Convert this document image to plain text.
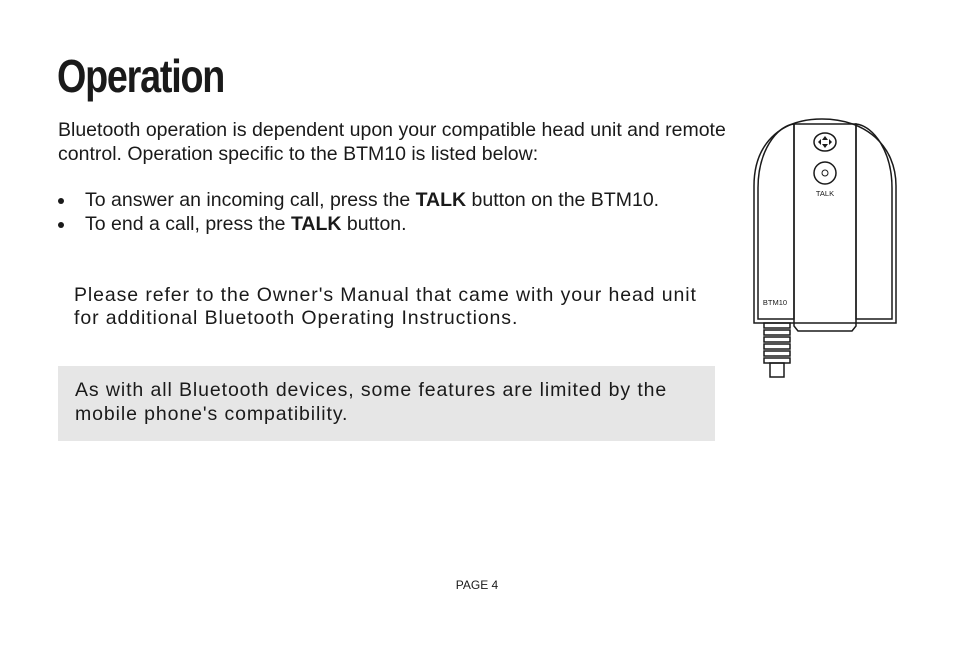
Operation

Bluetooth operation is dependent upon your compatible head unit and remote control. Operation specific to the BTM10 is listed below:

To answer an incoming call, press the TALK button on the BTM10.
To end a call, press the TALK button.

Please refer to the Owner's Manual that came with your head unit for additional Bluetooth Operating Instructions.

As with all Bluetooth devices, some features are limited by the mobile phone's compatibility.

TALK
BTM10
PAGE 4
